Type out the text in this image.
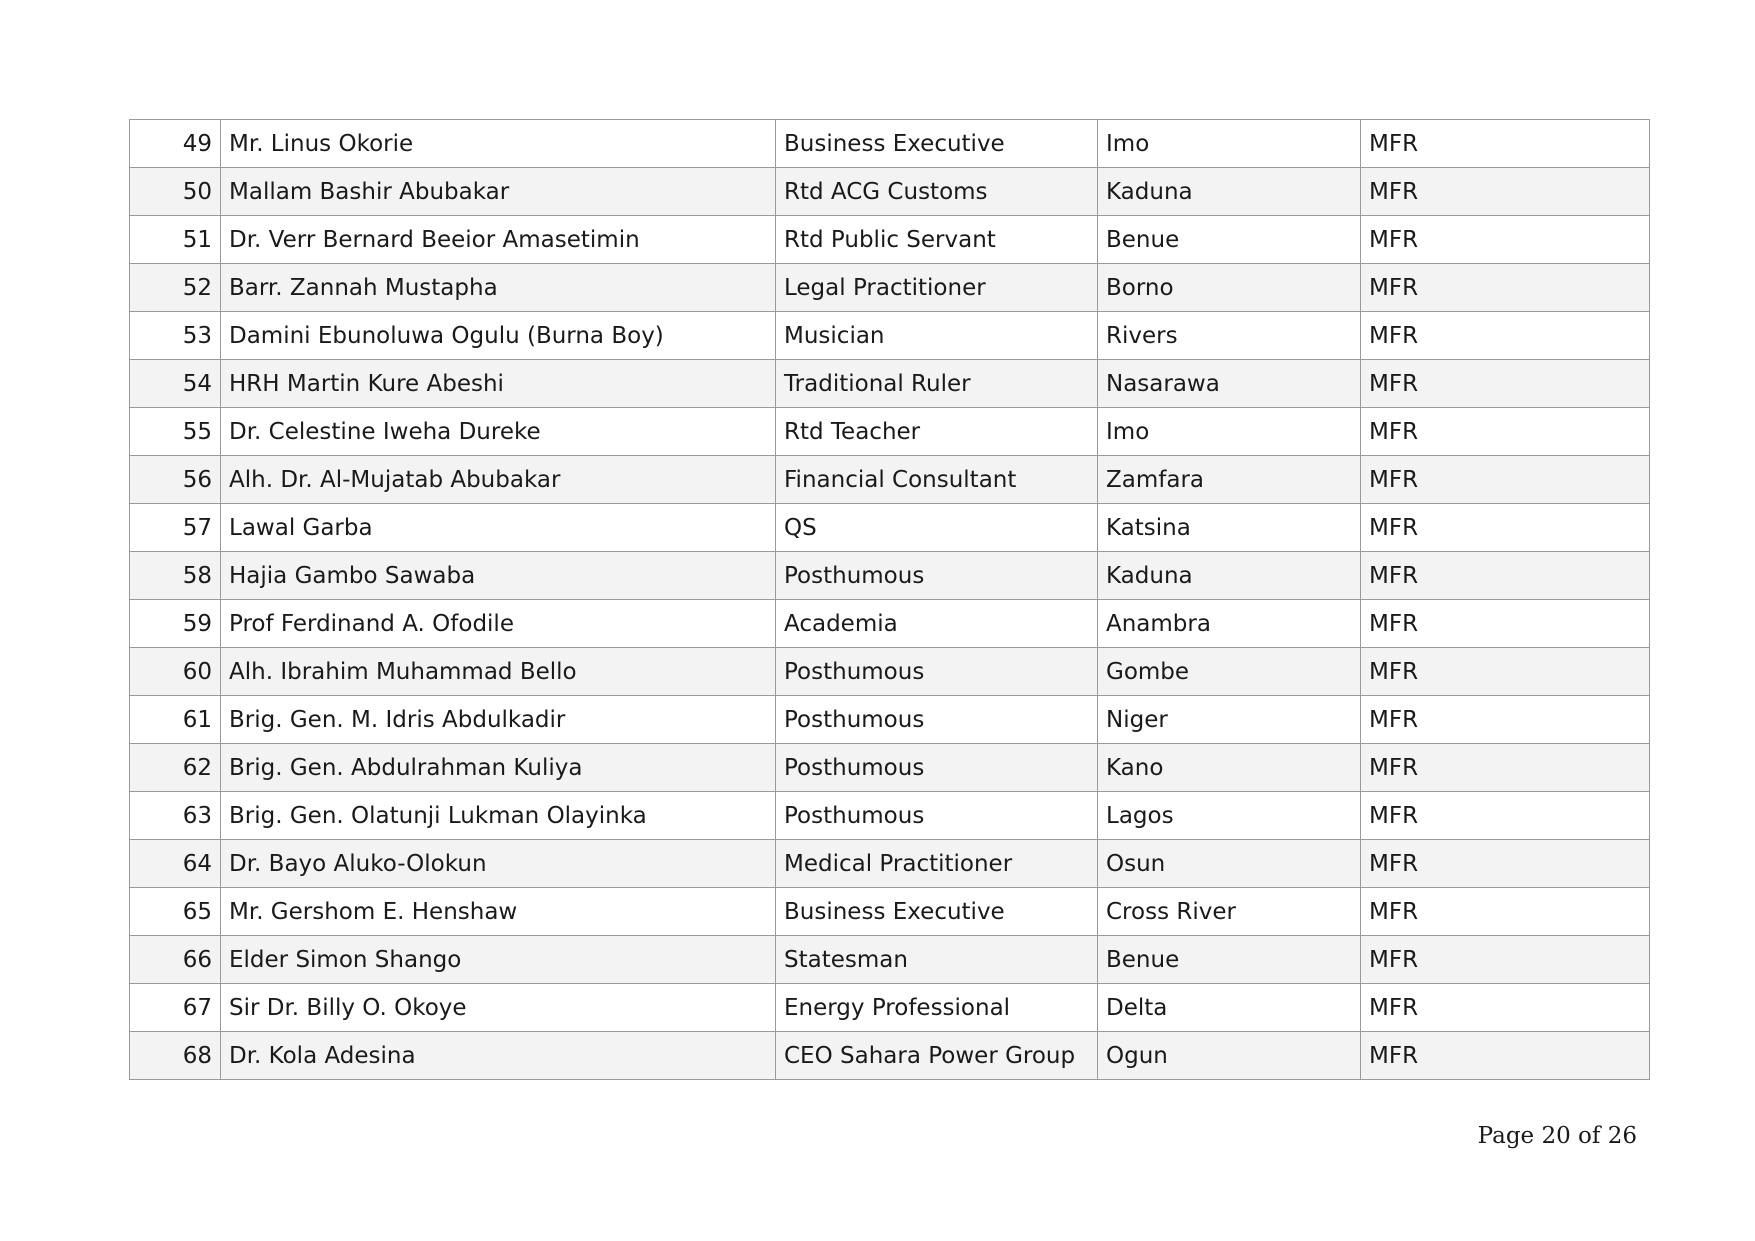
49	Mr. Linus Okorie	Business Executive	Imo	MFR
50	Mallam Bashir Abubakar	Rtd ACG Customs	Kaduna	MFR
51	Dr. Verr Bernard Beeior Amasetimin	Rtd Public Servant	Benue	MFR
52	Barr. Zannah Mustapha	Legal Practitioner	Borno	MFR
53	Damini Ebunoluwa Ogulu (Burna Boy)	Musician	Rivers	MFR
54	HRH Martin Kure Abeshi	Traditional Ruler	Nasarawa	MFR
55	Dr. Celestine Iweha Dureke	Rtd Teacher	Imo	MFR
56	Alh. Dr. Al-Mujatab Abubakar	Financial Consultant	Zamfara	MFR
57	Lawal Garba	QS	Katsina	MFR
58	Hajia Gambo Sawaba	Posthumous	Kaduna	MFR
59	Prof Ferdinand A. Ofodile	Academia	Anambra	MFR
60	Alh. Ibrahim Muhammad Bello	Posthumous	Gombe	MFR
61	Brig. Gen. M. Idris Abdulkadir	Posthumous	Niger	MFR
62	Brig. Gen. Abdulrahman Kuliya	Posthumous	Kano	MFR
63	Brig. Gen. Olatunji Lukman Olayinka	Posthumous	Lagos	MFR
64	Dr. Bayo Aluko-Olokun	Medical Practitioner	Osun	MFR
65	Mr. Gershom E. Henshaw	Business Executive	Cross River	MFR
66	Elder Simon Shango	Statesman	Benue	MFR
67	Sir Dr. Billy O. Okoye	Energy Professional	Delta	MFR
68	Dr. Kola Adesina	CEO Sahara Power Group	Ogun	MFR
Page 20 of 26
